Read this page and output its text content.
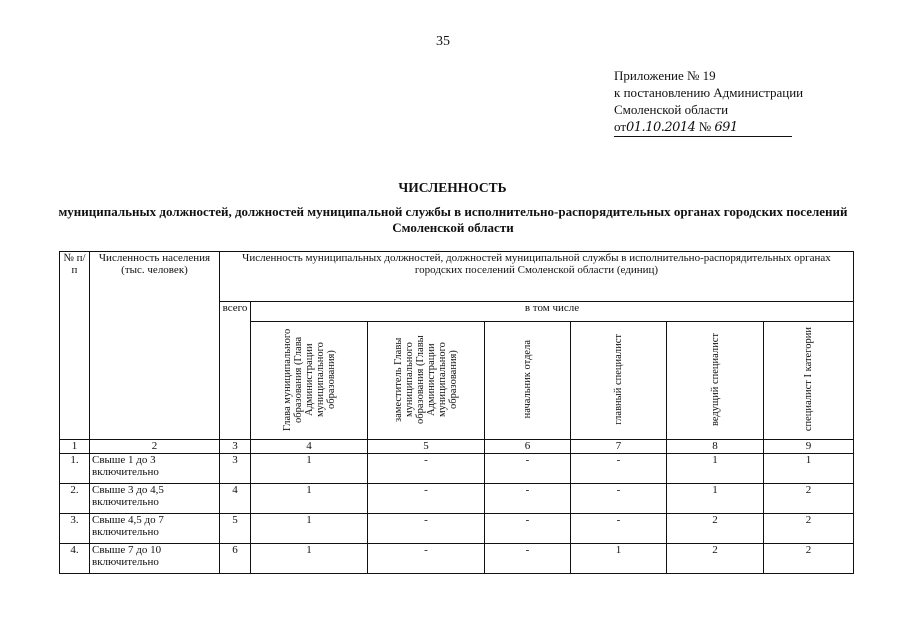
35
Приложение № 19
к постановлению Администрации
Смоленской области
от01.10.2014 № 691
ЧИСЛЕННОСТЬ
муниципальных должностей, должностей муниципальной службы в исполнительно-распорядительных органах городских поселений Смоленской области
№ п/п	Численность населения (тыс. человек)	Численность муниципальных должностей, должностей муниципальной службы в исполнительно-распорядительных органах городских поселений Смоленской области (единиц)						
		всего	в том числе					

			Глава муниципального образования (Глава Администрации муниципального образования)	заместитель Главы муниципального образования (Главы Администрации муниципального образования)	начальник отдела	главный специалист	ведущий специалист	специалист I категории

1	2	3	4	5	6	7	8	9
1.	Свыше 1 до 3 включительно	3	1	-	-	-	1	1
2.	Свыше 3 до 4,5 включительно	4	1	-	-	-	1	2
3.	Свыше 4,5 до 7 включительно	5	1	-	-	-	2	2
4.	Свыше 7 до 10 включительно	6	1	-	-	1	2	2
